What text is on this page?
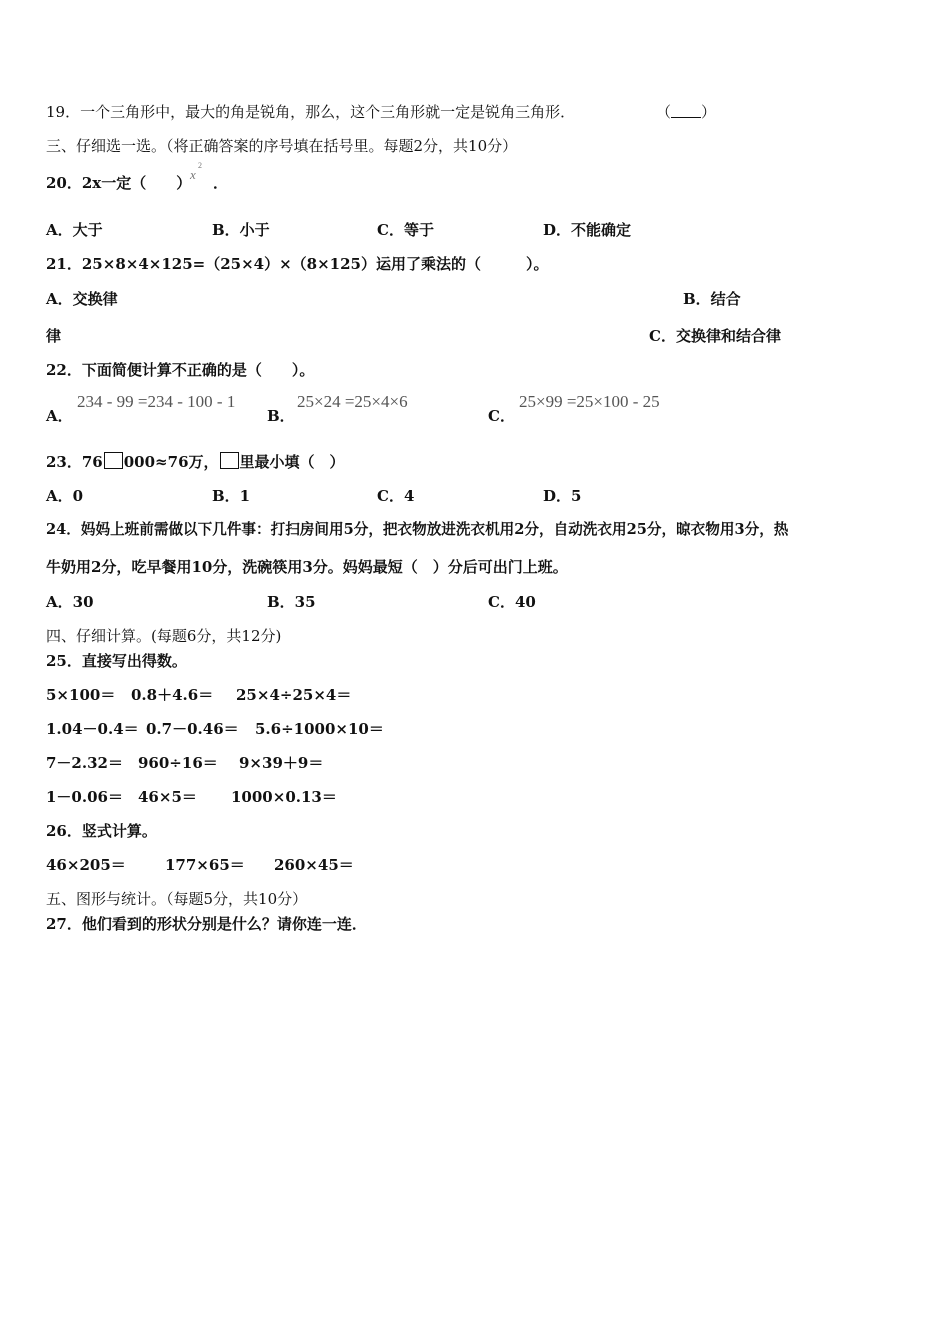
19．一个三角形中，最大的角是锐角，那么，这个三角形就一定是锐角三角形．	（ ）
三、仔细选一选。（将正确答案的序号填在括号里。每题2分，共10分）
20．2x一定（　　）
x
2
．
A．大于	B．小于	C．等于	D．不能确定
21．25×8×4×125=（25×4）×（8×125）运用了乘法的（　　　）。
A．交换律	B．结合
律	C．交换律和结合律
22．下面简便计算不正确的是（　　）。
A．
234 - 99 =234 - 100 - 1
B．
25×24 =25×4×6
C．
25×99 =25×100 - 25
23．76 000≈76万， 里最小填（　）
A．0	B．1	C．4	D．5
24．妈妈上班前需做以下几件事：打扫房间用5分，把衣物放进洗衣机用2分，自动洗衣用25分，晾衣物用3分，热
牛奶用2分，吃早餐用10分，洗碗筷用3分。妈妈最短（　）分后可出门上班。
A．30	B．35	C．40
四、仔细计算。(每题6分，共12分)
25．直接写出得数。
5×100＝ 0.8＋4.6＝ 25×4÷25×4＝
1.04－0.4＝ 0.7－0.46＝ 5.6÷1000×10＝
7－2.32＝ 960÷16＝ 9×39＋9＝
1－0.06＝ 46×5＝ 1000×0.13＝
26．竖式计算。
46×205＝	177×65＝ 260×45＝
五、图形与统计。（每题5分，共10分）
27．他们看到的形状分别是什么？请你连一连．
